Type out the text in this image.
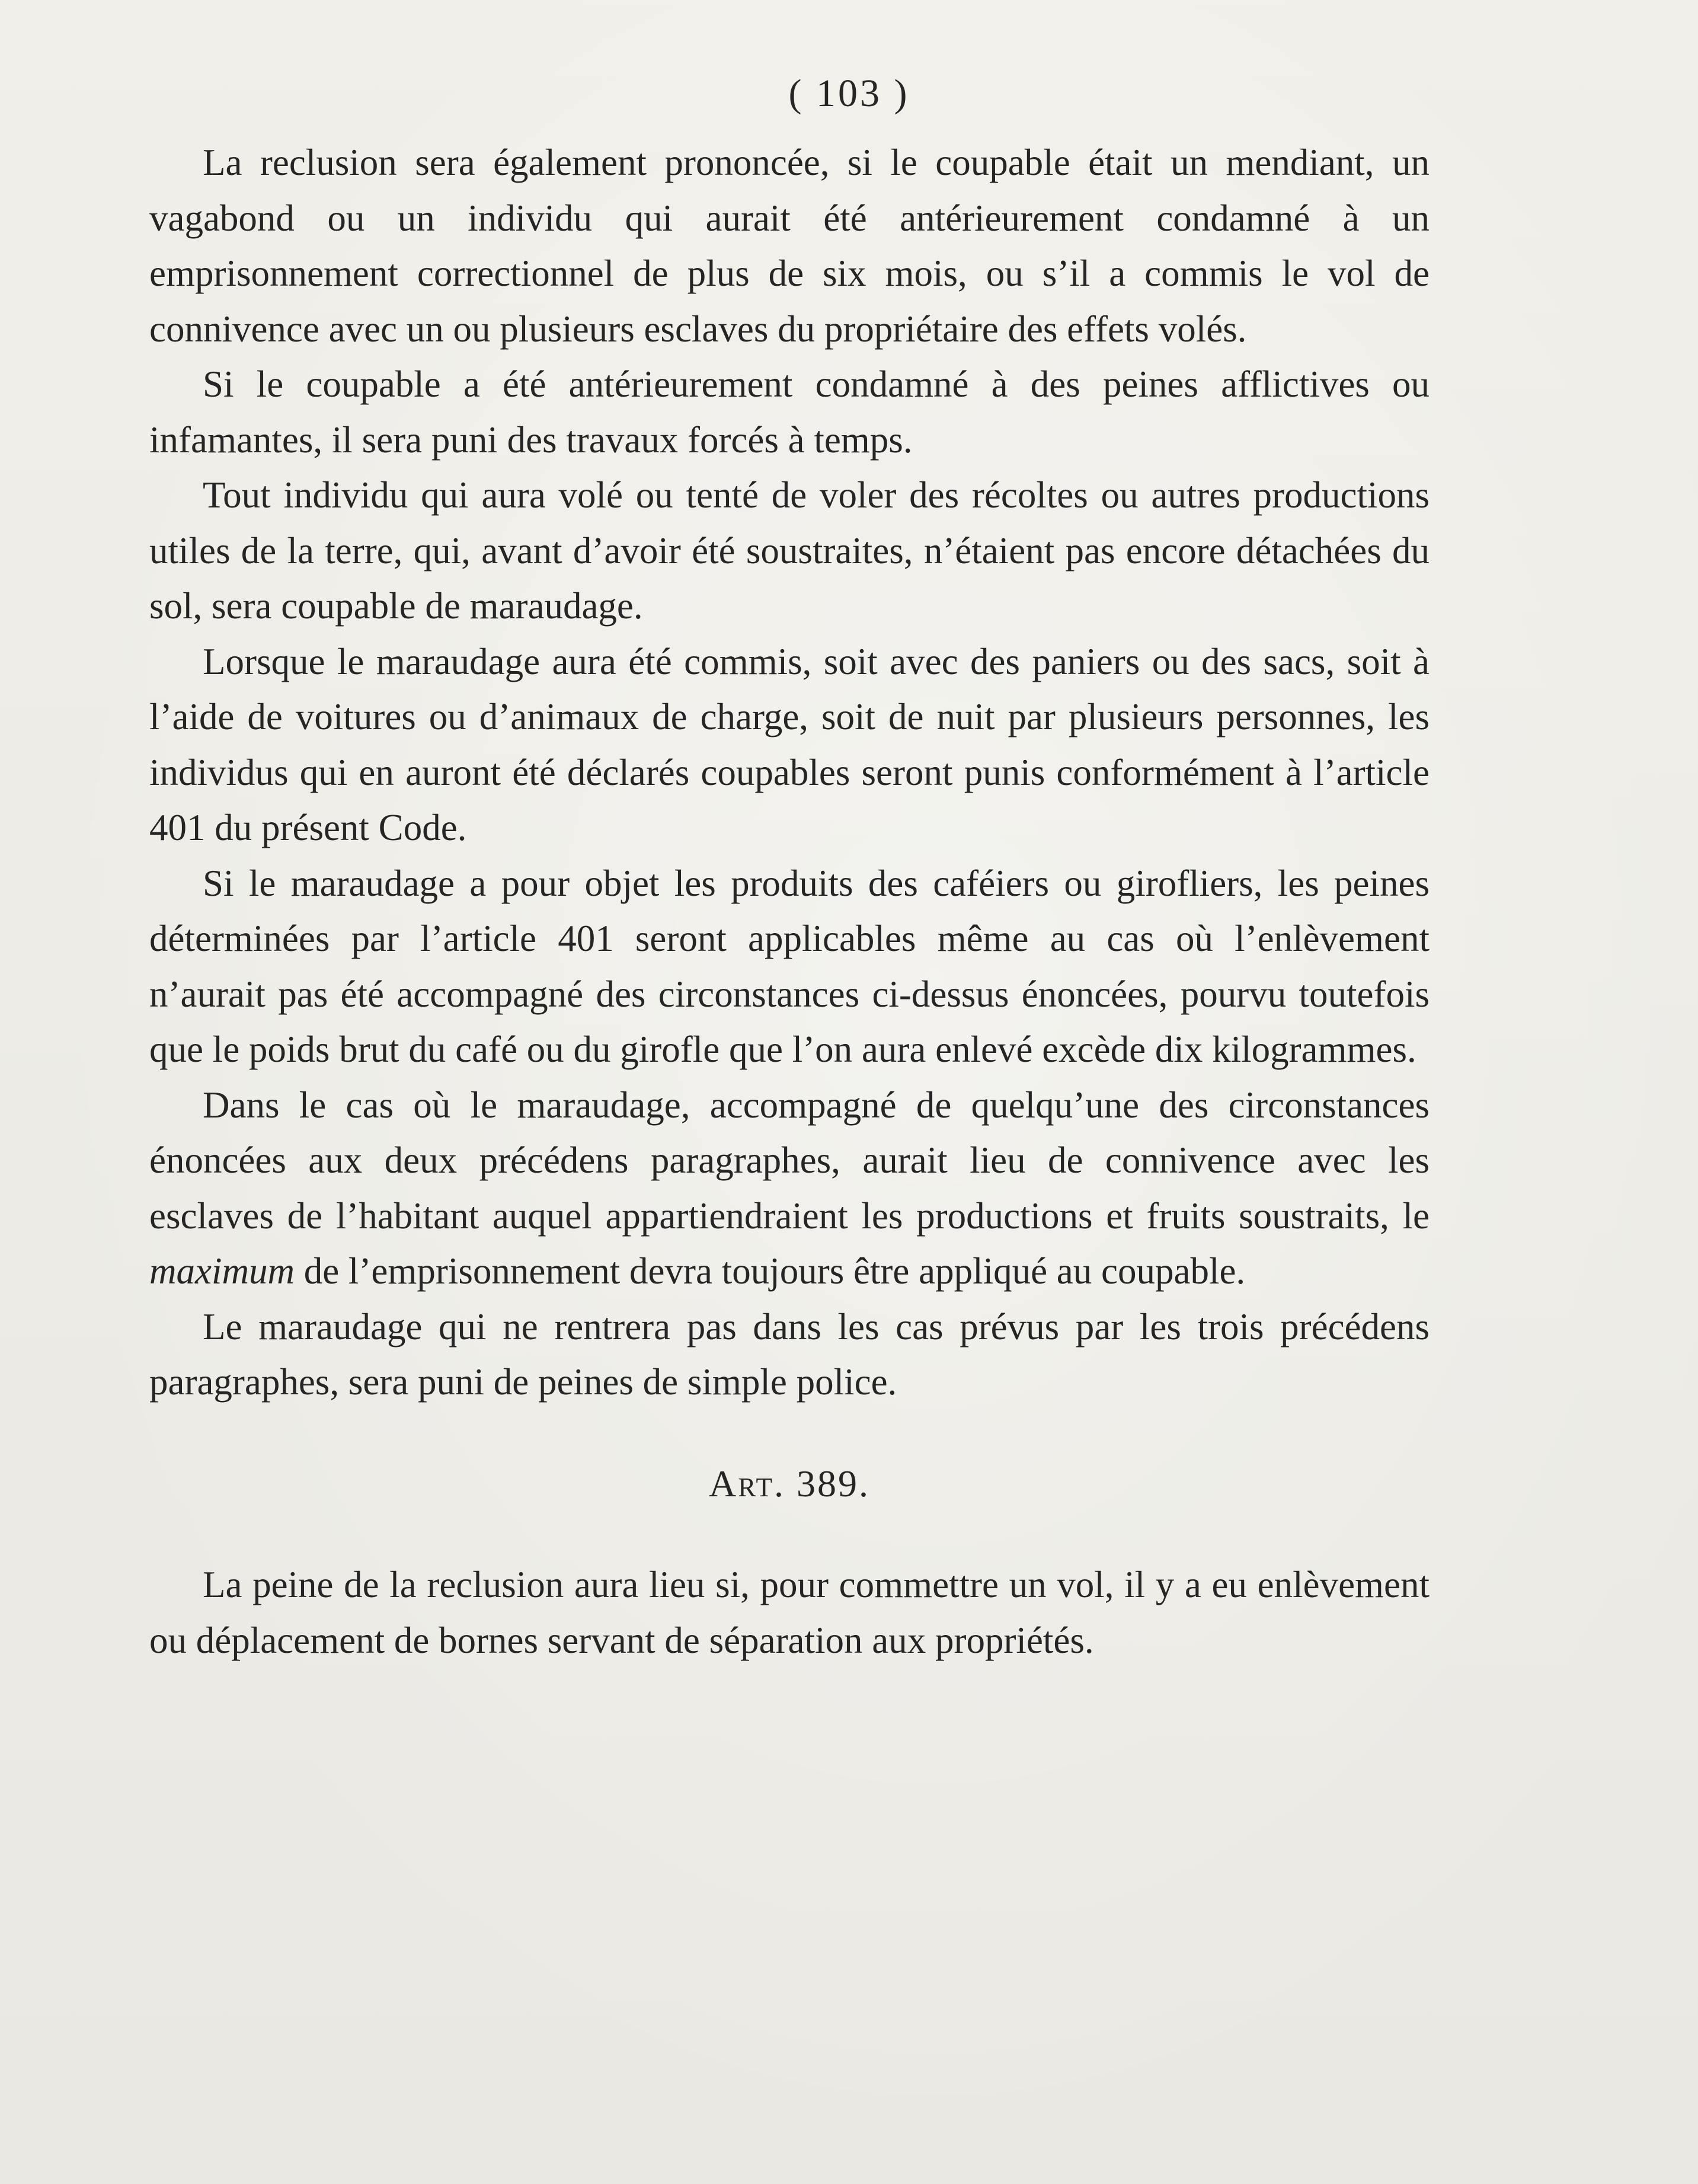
( 103 )

La reclusion sera également prononcée, si le coupable était un mendiant, un vagabond ou un individu qui aurait été antérieurement condamné à un emprisonnement correctionnel de plus de six mois, ou s’il a commis le vol de connivence avec un ou plusieurs esclaves du propriétaire des effets volés.

Si le coupable a été antérieurement condamné à des peines afflictives ou infamantes, il sera puni des travaux forcés à temps.

Tout individu qui aura volé ou tenté de voler des récoltes ou autres productions utiles de la terre, qui, avant d’avoir été soustraites, n’étaient pas encore détachées du sol, sera coupable de maraudage.

Lorsque le maraudage aura été commis, soit avec des paniers ou des sacs, soit à l’aide de voitures ou d’animaux de charge, soit de nuit par plusieurs personnes, les individus qui en auront été déclarés coupables seront punis conformément à l’article 401 du présent Code.

Si le maraudage a pour objet les produits des caféiers ou girofliers, les peines déterminées par l’article 401 seront applicables même au cas où l’enlèvement n’aurait pas été accompagné des circonstances ci-dessus énoncées, pourvu toutefois que le poids brut du café ou du girofle que l’on aura enlevé excède dix kilogrammes.

Dans le cas où le maraudage, accompagné de quelqu’une des circonstances énoncées aux deux précédens paragraphes, aurait lieu de connivence avec les esclaves de l’habitant auquel appartiendraient les productions et fruits soustraits, le maximum de l’emprisonnement devra toujours être appliqué au coupable.

Le maraudage qui ne rentrera pas dans les cas prévus par les trois précédens paragraphes, sera puni de peines de simple police.

Art. 389.

La peine de la reclusion aura lieu si, pour commettre un vol, il y a eu enlèvement ou déplacement de bornes servant de séparation aux propriétés.
